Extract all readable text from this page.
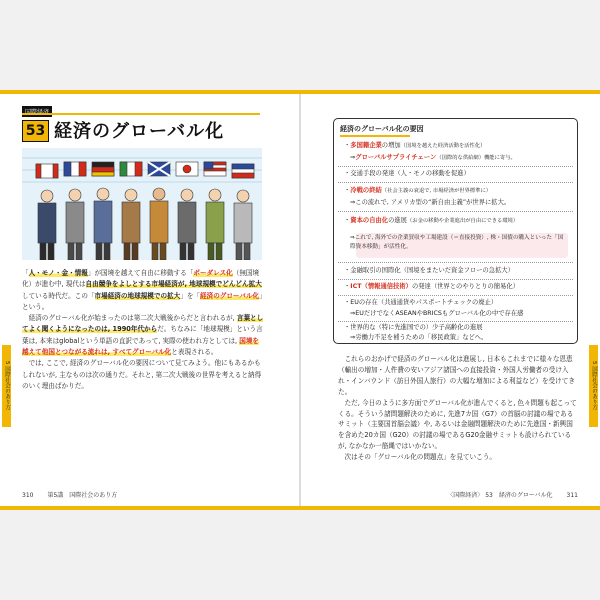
5 国際社会のあり方	5 国際社会のあり方
53 経済のグローバル化

「人・モノ・金・情報」が国境を越えて自由に移動する「ボーダレス化（無国境化）が進む中, 現代は自由競争をよしとする市場経済が, 地球規模でどんどん拡大している時代だ。この「市場経済の地球規模での拡大」を「経済のグローバル化」という。

　経済のグローバル化が始まったのは第二次大戦後からだと言われるが, 言葉としてよく聞くようになったのは, 1990年代からだ。ちなみに「地球規模」という言葉は, 本来はglobalという単語の直訳であって, 実際の使われ方としては, 国境を越えて他国とつながる流れは, すべてグローバル化と表現される。

　では, ここで, 経済のグローバル化の要因について見てみよう。他にもあるかもしれないが, 主なものは次の通りだ。それと, 第二次大戦後の世界を考えると納得のいく理由ばかりだ。

310 第5講　国際社会のあり方
経済のグローバル化の要因
・多国籍企業の増加（国境を越えた経済活動を活性化）
⇒グローバルサプライチェーン（国際的な供給網）機能に寄与。
・交通手段の発達（人・モノの移動を促進）
・冷戦の終結（社会主義の衰退で, 市場経済が世界標準に）
⇒この流れで, アメリカ型の“新自由主義”が世界に拡大。
・資本の自由化の進展（お金の移動や企業進出が自由にできる環境）
⇒これで, 海外での企業買収や工場建設（＝直接投資）, 株・国債の購入といった「国際資本移動」が活性化。
・金融取引の国際化（国境をまたいだ資金フローの急拡大）
・ICT（情報通信技術）の発達（世界とのやりとりの簡易化）
・EUの存在（共通通貨やパスポートチェックの廃止）
⇒EUだけでなくASEANやBRICSもグローバル化の中で存在感
・世界的な（特に先進国での）少子高齢化の進展
⇒労働力不足を補うための「移民政策」などへ。

　これらのおかげで経済のグローバル化は進展し, 日本もこれまでに様々な恩恵（輸出の増加・人件費の安いアジア諸国への直接投資・外国人労働者の受け入れ・インバウンド（訪日外国人旅行）の大幅な増加による利益など）を受けてきた。

　ただ, 今日のように多方面でグローバル化が進んでくると, 色々問題も起こってくる。そういう諸問題解決のために, 先進7カ国（G7）の首脳の討議の場であるサミット（主要国首脳会議）や, あるいは金融問題解決のために先進国・新興国を含めた20カ国（G20）の討議の場であるG20金融サミットも設けられているが, なかなか一筋縄ではいかない。

　次はその「グローバル化の問題点」を見ていこう。

〈国際経済〉 53　経済のグローバル化 311
